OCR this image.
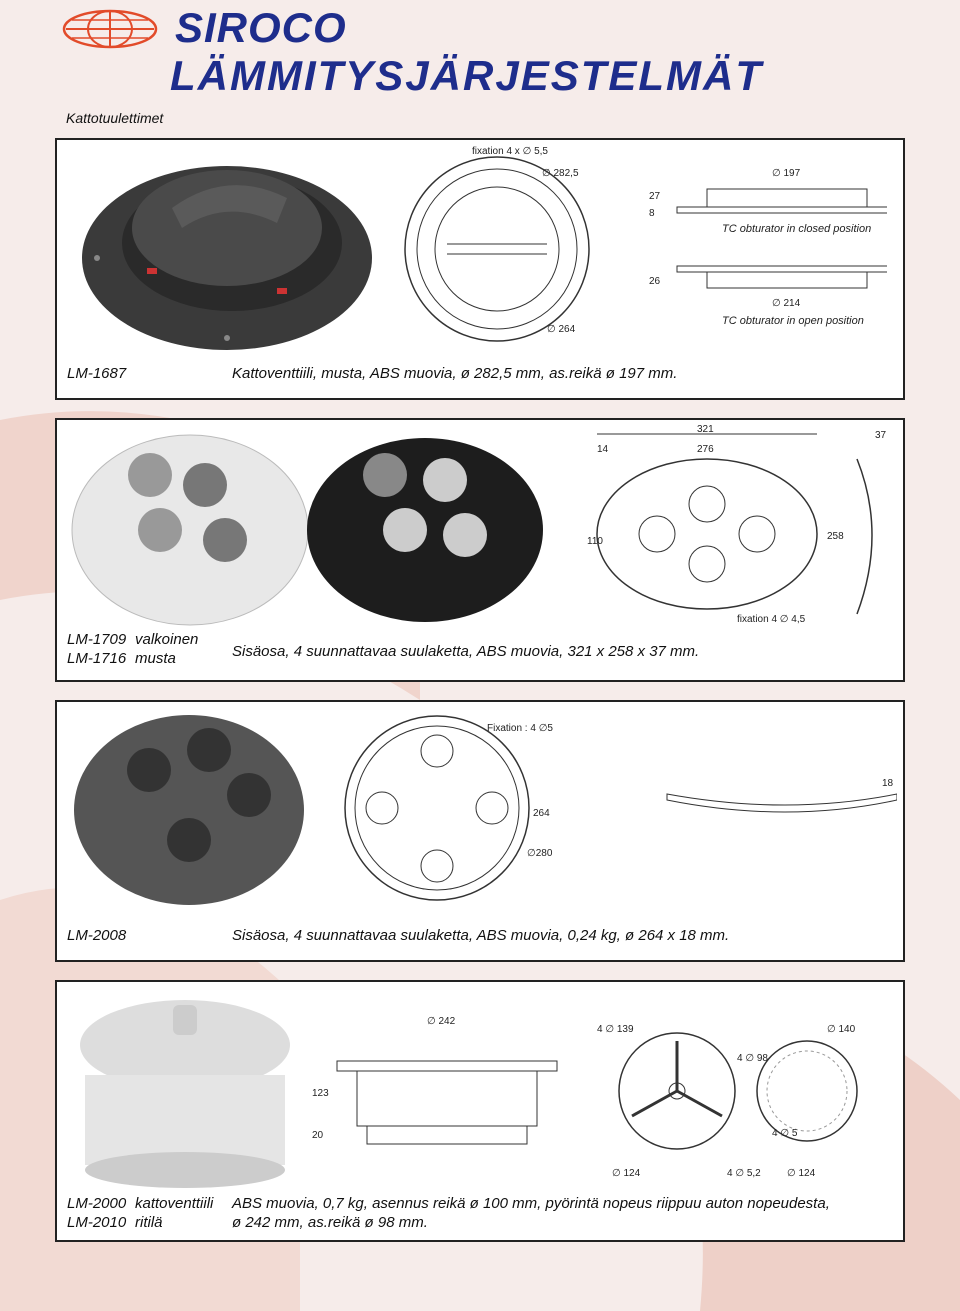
SIROCO
LÄMMITYSJÄRJESTELMÄT
Kattotuulettimet
fixation 4 x ∅ 5,5
∅ 282,5
∅ 264
∅ 197
27
8
TC obturator in closed position
26
∅ 214
TC obturator in open position
LM-1687	Kattoventtiili, musta, ABS muovia, ø 282,5 mm, as.reikä ø 197 mm.
321
276
14
110
37
258
fixation 4 ∅ 4,5
LM-1709 valkoinen
LM-1716 musta	Sisäosa, 4 suunnattavaa suulaketta, ABS muovia, 321 x 258 x 37 mm.
Fixation : 4 ∅5
264
∅280
18
LM-2008	Sisäosa, 4 suunnattavaa suulaketta, ABS muovia, 0,24 kg, ø 264 x 18 mm.
∅ 242
123
20
4 ∅ 139
4 ∅ 98
∅ 124	4 ∅ 5,2
∅ 140
4 ∅ 5
∅ 124
LM-2000 kattoventtiili
LM-2010 ritilä
ABS muovia, 0,7 kg, asennus reikä ø 100 mm, pyörintä nopeus riippuu auton nopeudesta,
ø 242 mm, as.reikä ø 98 mm.
